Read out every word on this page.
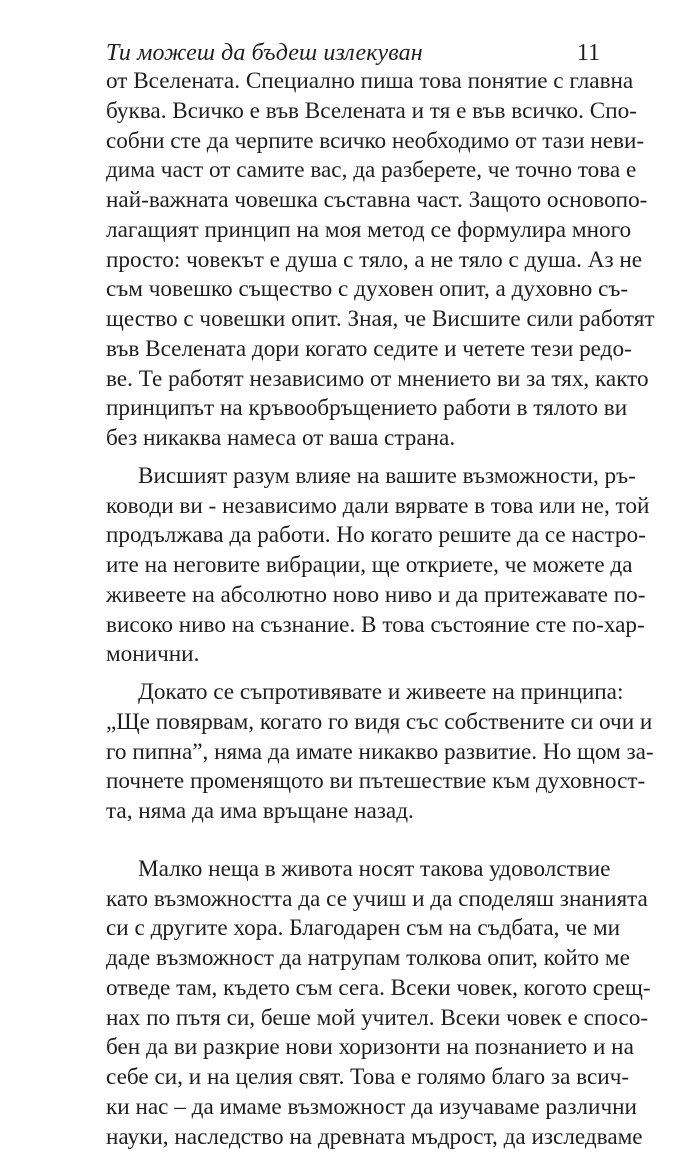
Ти можеш да бъдеш излекуван	11
от Вселената. Специално пиша това понятие с главна
буква. Всичко е във Вселената и тя е във всичко. Спо-
собни сте да черпите всичко необходимо от тази неви-
дима част от самите вас, да разберете, че точно това е
най-важната човешка съставна част. Защото основопо-
лагащият принцип на моя метод се формулира много
просто: човекът е душа с тяло, а не тяло с душа. Аз не
съм човешко същество с духовен опит, а духовно съ-
щество с човешки опит. Зная, че Висшите сили работят
във Вселената дори когато седите и четете тези редо-
ве. Те работят независимо от мнението ви за тях, както
принципът на кръвообръщението работи в тялото ви
без никаква намеса от ваша страна.
Висшият разум влияе на вашите възможности, ръ-
ководи ви - независимо дали вярвате в това или не, той
продължава да работи. Но когато решите да се настро-
ите на неговите вибрации, ще откриете, че можете да
живеете на абсолютно ново ниво и да притежавате по-
високо ниво на съзнание. В това състояние сте по-хар-
монични.
Докато се съпротивявате и живеете на принципа:
„Ще повярвам, когато го видя със собствените си очи и
го пипна”, няма да имате никакво развитие. Но щом за-
почнете променящото ви пътешествие към духовност-
та, няма да има връщане назад.
Малко неща в живота носят такова удоволствие
като възможността да се учиш и да споделяш знанията
си с другите хора. Благодарен съм на съдбата, че ми
даде възможност да натрупам толкова опит, който ме
отведе там, където съм сега. Всеки човек, когото срещ-
нах по пътя си, беше мой учител. Всеки човек е спосо-
бен да ви разкрие нови хоризонти на познанието и на
себе си, и на целия свят. Това е голямо благо за всич-
ки нас – да имаме възможност да изучаваме различни
науки, наследство на древната мъдрост, да изследваме
